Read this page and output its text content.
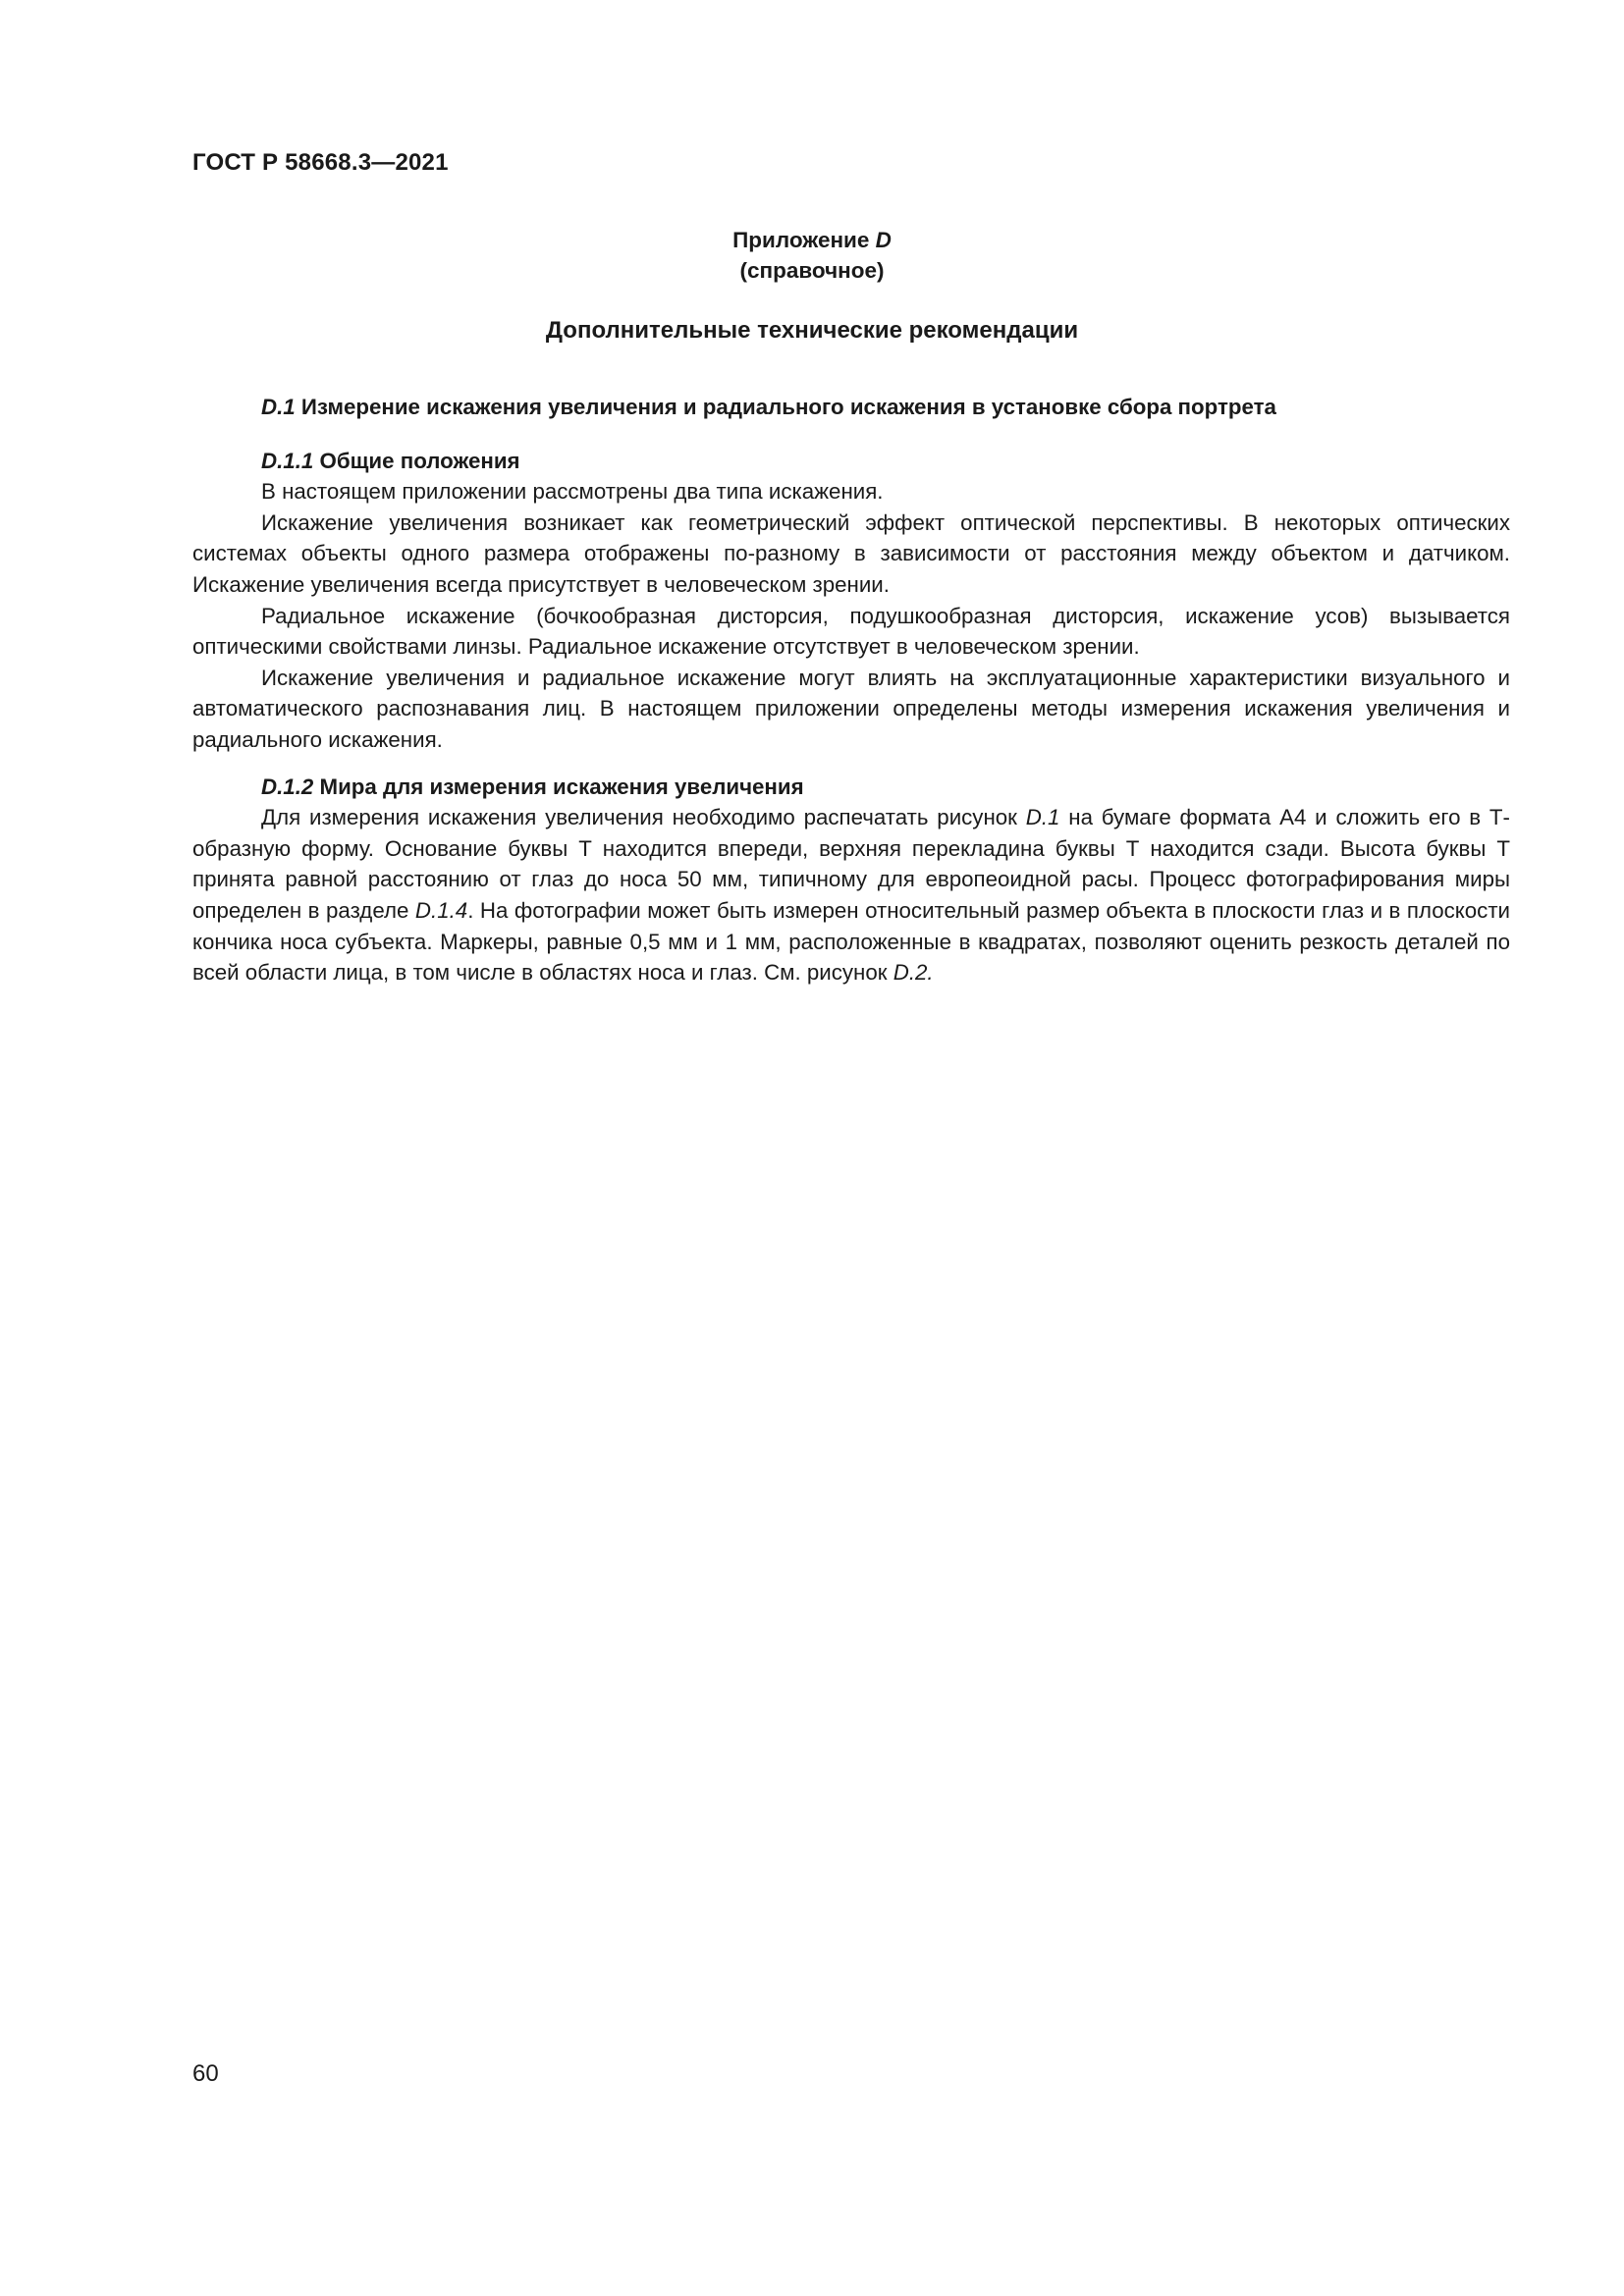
ГОСТ Р 58668.3—2021
Приложение D
(справочное)
Дополнительные технические рекомендации

D.1 Измерение искажения увеличения и радиального искажения в установке сбора портрета

D.1.1 Общие положения

В настоящем приложении рассмотрены два типа искажения.

Искажение увеличения возникает как геометрический эффект оптической перспективы. В некоторых оптических системах объекты одного размера отображены по-разному в зависимости от расстояния между объектом и датчиком. Искажение увеличения всегда присутствует в человеческом зрении.

Радиальное искажение (бочкообразная дисторсия, подушкообразная дисторсия, искажение усов) вызывается оптическими свойствами линзы. Радиальное искажение отсутствует в человеческом зрении.

Искажение увеличения и радиальное искажение могут влиять на эксплуатационные характеристики визуального и автоматического распознавания лиц. В настоящем приложении определены методы измерения искажения увеличения и радиального искажения.

D.1.2 Мира для измерения искажения увеличения

Для измерения искажения увеличения необходимо распечатать рисунок D.1 на бумаге формата А4 и сложить его в Т-образную форму. Основание буквы Т находится впереди, верхняя перекладина буквы Т находится сзади. Высота буквы Т принята равной расстоянию от глаз до носа 50 мм, типичному для европеоидной расы. Процесс фотографирования миры определен в разделе D.1.4. На фотографии может быть измерен относительный размер объекта в плоскости глаз и в плоскости кончика носа субъекта. Маркеры, равные 0,5 мм и 1 мм, расположенные в квадратах, позволяют оценить резкость деталей по всей области лица, в том числе в областях носа и глаз. См. рисунок D.2.

60
